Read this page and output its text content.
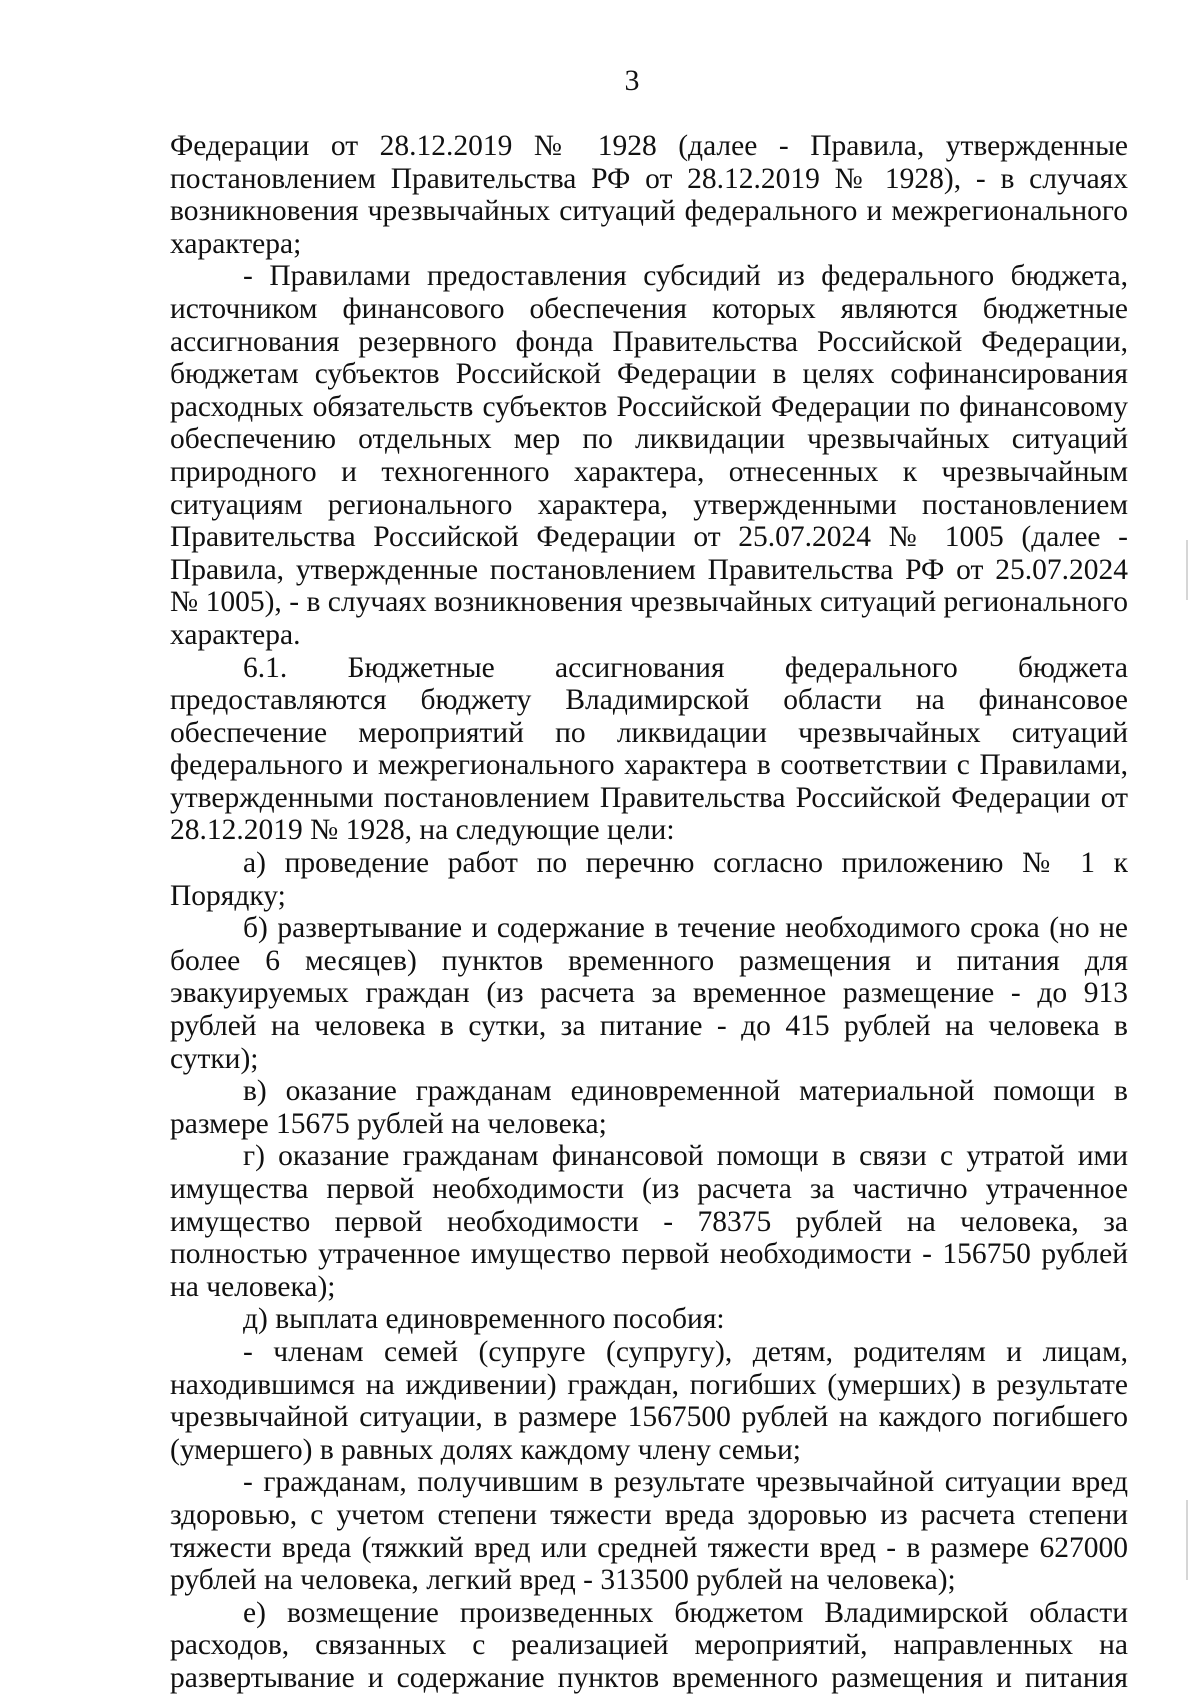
3

Федерации от 28.12.2019 № 1928 (далее - Правила, утвержденные постановлением Правительства РФ от 28.12.2019 № 1928), - в случаях возникновения чрезвычайных ситуаций федерального и межрегионального характера;

- Правилами предоставления субсидий из федерального бюджета, источником финансового обеспечения которых являются бюджетные ассигнования резервного фонда Правительства Российской Федерации, бюджетам субъектов Российской Федерации в целях софинансирования расходных обязательств субъектов Российской Федерации по финансовому обеспечению отдельных мер по ликвидации чрезвычайных ситуаций природного и техногенного характера, отнесенных к чрезвычайным ситуациям регионального характера, утвержденными постановлением Правительства Российской Федерации от 25.07.2024 № 1005 (далее - Правила, утвержденные постановлением Правительства РФ от 25.07.2024 № 1005), - в случаях возникновения чрезвычайных ситуаций регионального характера.

6.1. Бюджетные ассигнования федерального бюджета предоставляются бюджету Владимирской области на финансовое обеспечение мероприятий по ликвидации чрезвычайных ситуаций федерального и межрегионального характера в соответствии с Правилами, утвержденными постановлением Правительства Российской Федерации от 28.12.2019 № 1928, на следующие цели:

а) проведение работ по перечню согласно приложению № 1 к Порядку;

б) развертывание и содержание в течение необходимого срока (но не более 6 месяцев) пунктов временного размещения и питания для эвакуируемых граждан (из расчета за временное размещение - до 913 рублей на человека в сутки, за питание - до 415 рублей на человека в сутки);

в) оказание гражданам единовременной материальной помощи в размере 15675 рублей на человека;

г) оказание гражданам финансовой помощи в связи с утратой ими имущества первой необходимости (из расчета за частично утраченное имущество первой необходимости - 78375 рублей на человека, за полностью утраченное имущество первой необходимости - 156750 рублей на человека);

д) выплата единовременного пособия:

- членам семей (супруге (супругу), детям, родителям и лицам, находившимся на иждивении) граждан, погибших (умерших) в результате чрезвычайной ситуации, в размере 1567500 рублей на каждого погибшего (умершего) в равных долях каждому члену семьи;

- гражданам, получившим в результате чрезвычайной ситуации вред здоровью, с учетом степени тяжести вреда здоровью из расчета степени тяжести вреда (тяжкий вред или средней тяжести вред - в размере 627000 рублей на человека, легкий вред - 313500 рублей на человека);

е) возмещение произведенных бюджетом Владимирской области расходов, связанных с реализацией мероприятий, направленных на развертывание и содержание пунктов временного размещения и питания
